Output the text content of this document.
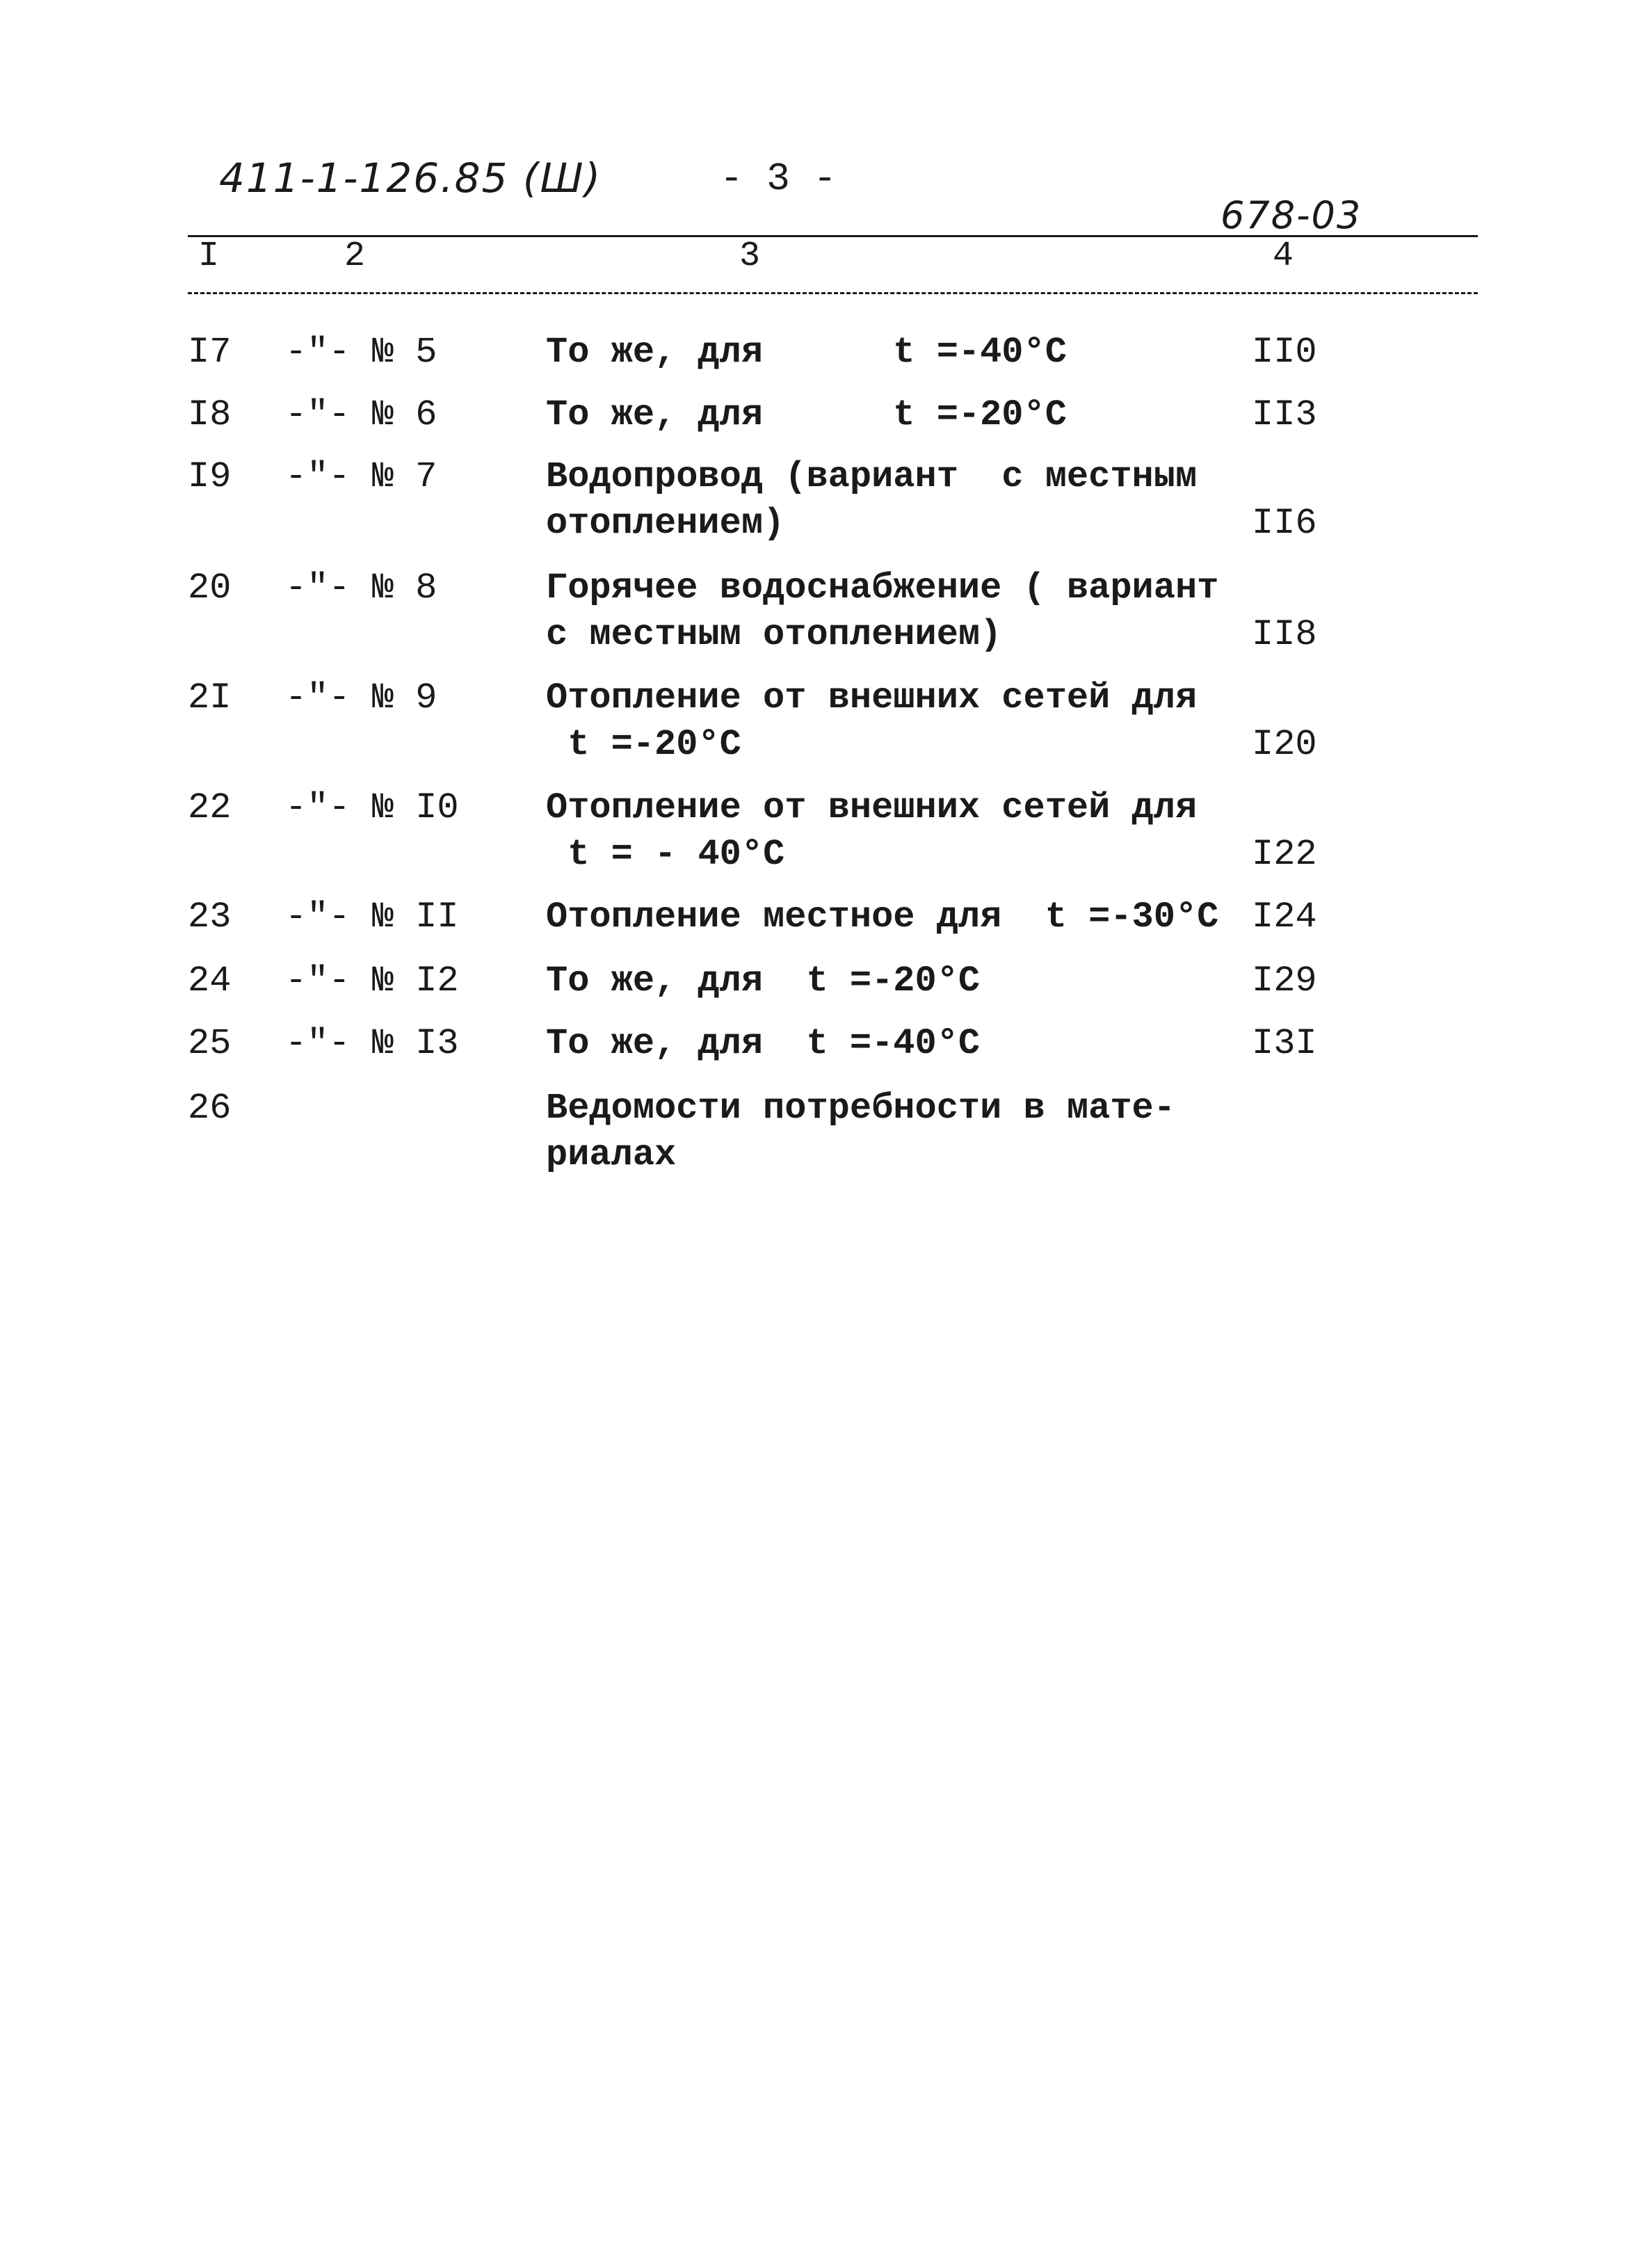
411-1-126.85 (Ш)	- 3 -
678-03
I	2	3	4
I7 -"- № 5	То же, для      t =-40°C	II0
I8 -"- № 6	То же, для      t =-20°C	II3
I9 -"- № 7	Водопровод (вариант  с местным
отоплением)	II6
20 -"- № 8	Горячее водоснабжение ( вариант
с местным отоплением)	II8
2I -"- № 9	Отопление от внешних сетей для
t =-20°C	I20
22 -"- № I0 Отопление от внешних сетей для
t = - 40°C	I22
23 -"- № II Отопление местное для  t =-30°C I24
24 -"- № I2 То же, для  t =-20°C	I29
25 -"- № I3 То же, для  t =-40°C	I3I
26	Ведомости потребности в мате-
риалах
